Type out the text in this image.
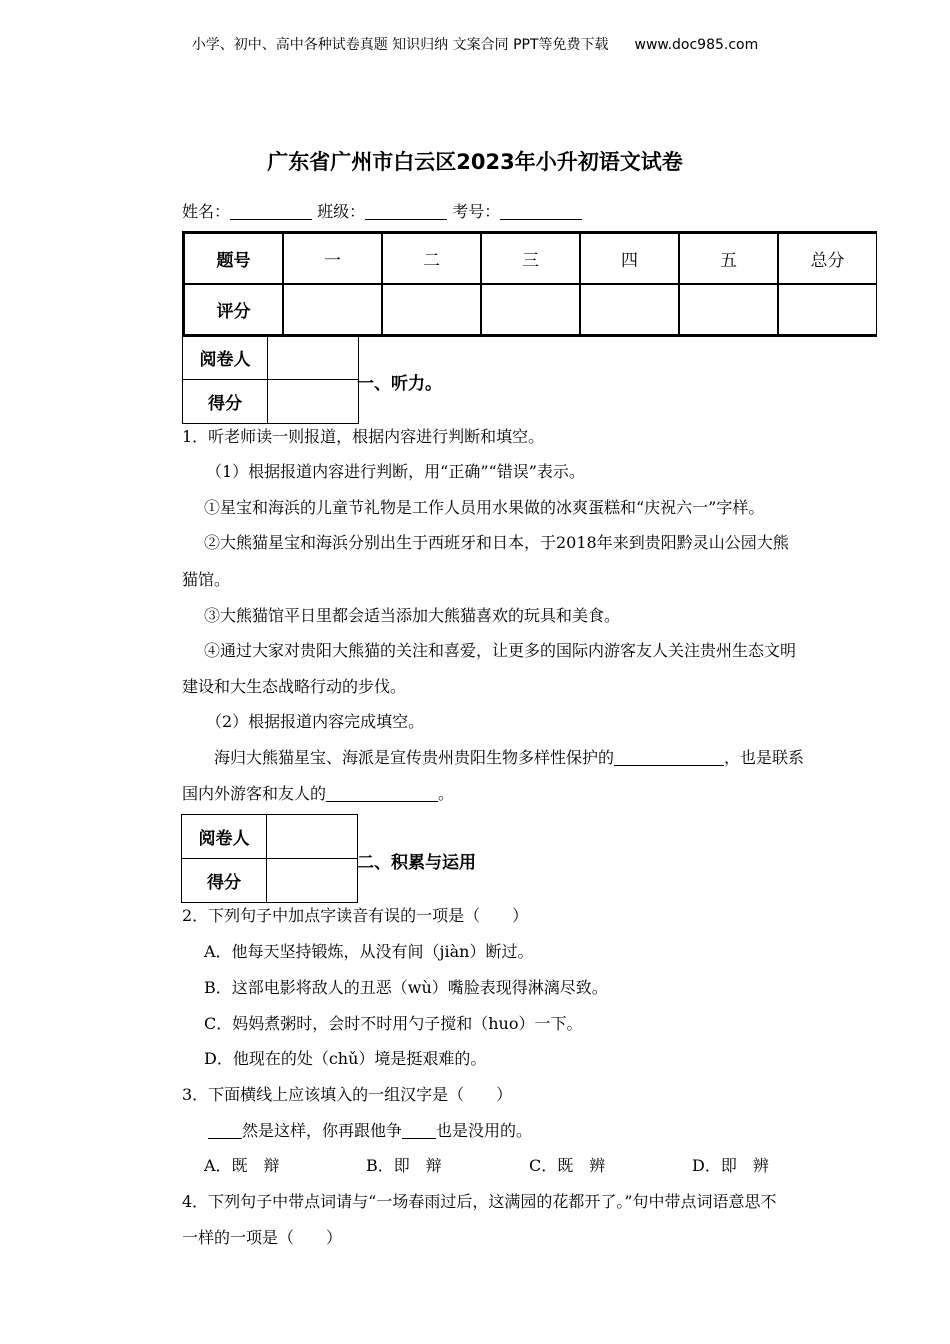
小学、初中、高中各种试卷真题 知识归纳 文案合同 PPT等免费下载 www.doc985.com
广东省广州市白云区2023年小升初语文试卷
姓名：	班级：	考号：
题号	一	二	三	四	五	总分
评分						
阅卷人	
得分	
一、听力。
1．听老师读一则报道，根据内容进行判断和填空。
（1）根据报道内容进行判断，用“正确”“错误”表示。
①星宝和海浜的儿童节礼物是工作人员用水果做的冰爽蛋糕和“庆祝六一”字样。
②大熊猫星宝和海浜分别出生于西班牙和日本，于2018年来到贵阳黔灵山公园大熊
猫馆。
③大熊猫馆平日里都会适当添加大熊猫喜欢的玩具和美食。
④通过大家对贵阳大熊猫的关注和喜爱，让更多的国际内游客友人关注贵州生态文明
建设和大生态战略行动的步伐。
（2）根据报道内容完成填空。
海归大熊猫星宝、海派是宣传贵州贵阳生物多样性保护的	，也是联系
国内外游客和友人的	。
阅卷人	
得分	
二、积累与运用
2．下列句子中加点字读音有误的一项是（　　）
A．他每天坚持锻炼，从没有间（jiàn）断过。
B．这部电影将敌人的丑恶（wù）嘴脸表现得淋漓尽致。
C．妈妈煮粥时，会时不时用勺子搅和（huo）一下。
D．他现在的处（chǔ）境是挺艰难的。
3．下面横线上应该填入的一组汉字是（　　）
然是这样，你再跟他争 也是没用的。
A．既　辩	B．即　辩	C．既　辨	D．即　辨
4．下列句子中带点词请与“一场春雨过后，这满园的花都开了。”句中带点词语意思不
一样的一项是（　　）
